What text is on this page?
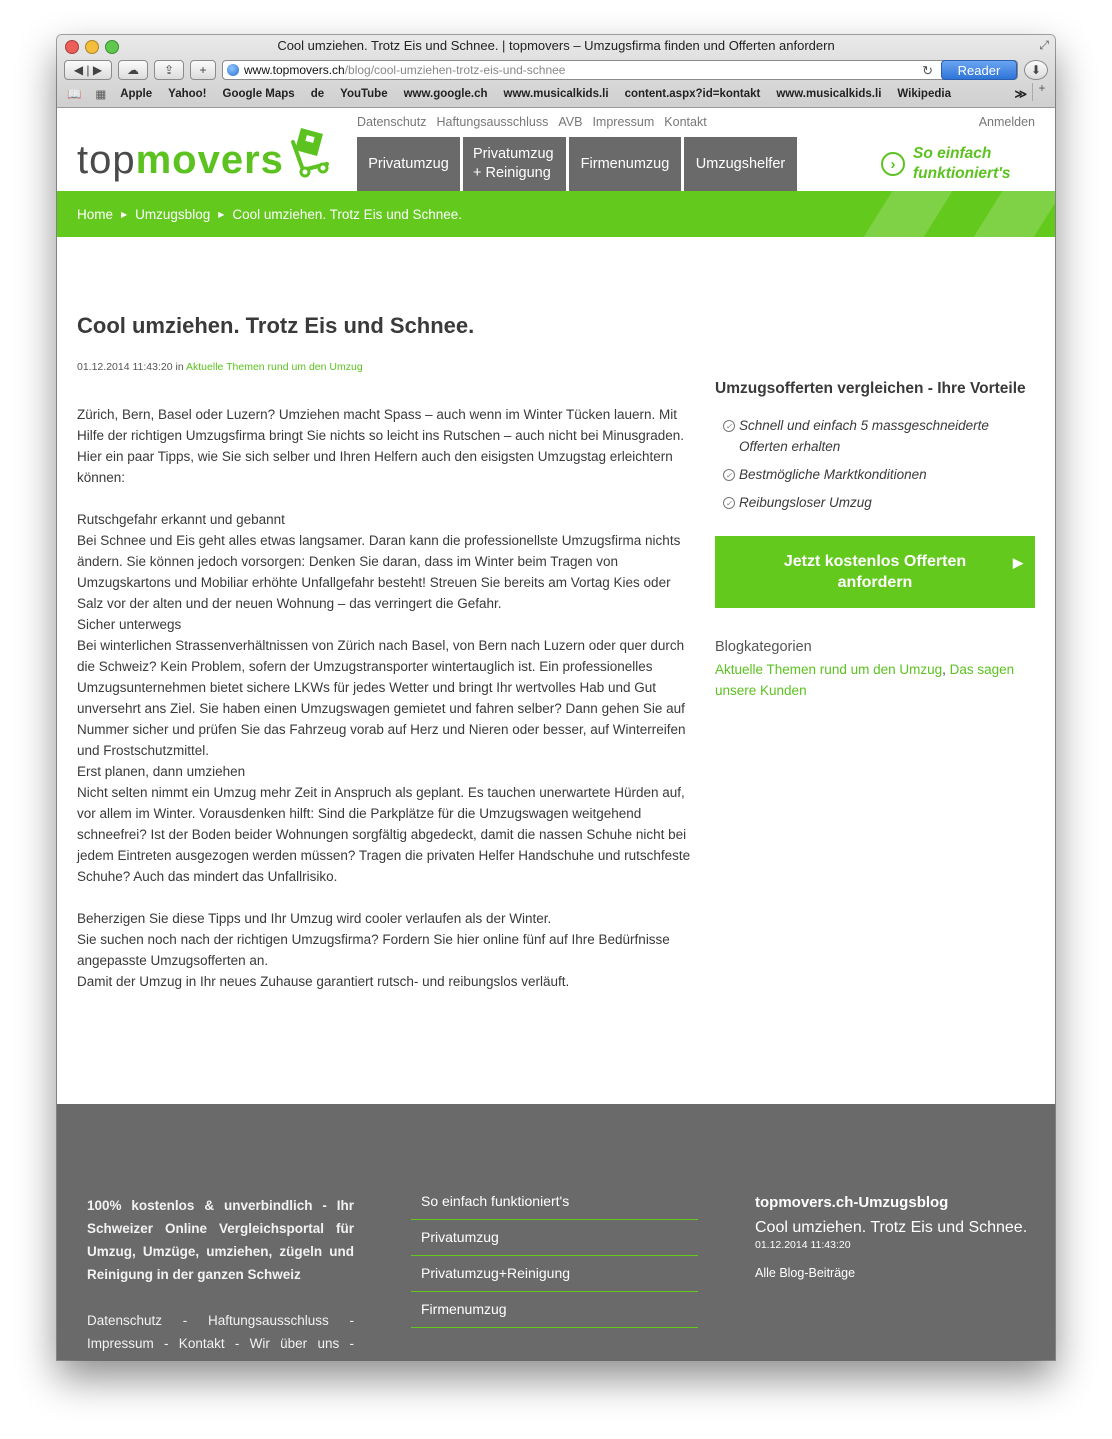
Cool umziehen. Trotz Eis und Schnee. | topmovers – Umzugsfirma finden und Offerten anfordern	⤢
◀ | ▶ ☁ ⇪ +	www.topmovers.ch /blog/cool-umziehen-trotz-eis-und-schnee	↻	Reader	⬇
📖 ▦ Apple Yahoo! Google Maps de YouTube www.google.ch www.musicalkids.li content.aspx?id=kontakt www.musicalkids.li Wikipedia	≫	+
topmovers
Datenschutz Haftungsausschluss AVB Impressum Kontakt	Anmelden
Privatumzug
Privatumzug
+ Reinigung
Firmenumzug	Umzugshelfer	›
So einfach
funktioniert's
Home ▶ Umzugsblog ▶ Cool umziehen. Trotz Eis und Schnee.
Cool umziehen. Trotz Eis und Schnee.
01.12.2014 11:43:20 in Aktuelle Themen rund um den Umzug

Zürich, Bern, Basel oder Luzern? Umziehen macht Spass – auch wenn im Winter Tücken lauern. Mit Hilfe der richtigen Umzugsfirma bringt Sie nichts so leicht ins Rutschen – auch nicht bei Minusgraden. Hier ein paar Tipps, wie Sie sich selber und Ihren Helfern auch den eisigsten Umzugstag erleichtern können:

Rutschgefahr erkannt und gebannt

Bei Schnee und Eis geht alles etwas langsamer. Daran kann die professionellste Umzugsfirma nichts ändern. Sie können jedoch vorsorgen: Denken Sie daran, dass im Winter beim Tragen von Umzugskartons und Mobiliar erhöhte Unfallgefahr besteht! Streuen Sie bereits am Vortag Kies oder Salz vor der alten und der neuen Wohnung – das verringert die Gefahr.

Sicher unterwegs

Bei winterlichen Strassenverhältnissen von Zürich nach Basel, von Bern nach Luzern oder quer durch die Schweiz? Kein Problem, sofern der Umzugstransporter wintertauglich ist. Ein professionelles Umzugsunternehmen bietet sichere LKWs für jedes Wetter und bringt Ihr wertvolles Hab und Gut unversehrt ans Ziel. Sie haben einen Umzugswagen gemietet und fahren selber? Dann gehen Sie auf Nummer sicher und prüfen Sie das Fahrzeug vorab auf Herz und Nieren oder besser, auf Winterreifen und Frostschutzmittel.

Erst planen, dann umziehen

Nicht selten nimmt ein Umzug mehr Zeit in Anspruch als geplant. Es tauchen unerwartete Hürden auf, vor allem im Winter. Vorausdenken hilft: Sind die Parkplätze für die Umzugswagen weitgehend schneefrei? Ist der Boden beider Wohnungen sorgfältig abgedeckt, damit die nassen Schuhe nicht bei jedem Eintreten ausgezogen werden müssen? Tragen die privaten Helfer Handschuhe und rutschfeste Schuhe? Auch das mindert das Unfallrisiko.

Beherzigen Sie diese Tipps und Ihr Umzug wird cooler verlaufen als der Winter.

Sie suchen noch nach der richtigen Umzugsfirma? Fordern Sie hier online fünf auf Ihre Bedürfnisse angepasste Umzugsofferten an.

Damit der Umzug in Ihr neues Zuhause garantiert rutsch- und reibungslos verläuft.

Umzugsofferten vergleichen - Ihre Vorteile
✓ Schnell und einfach 5 massgeschneiderte Offerten erhalten
✓ Bestmögliche Marktkonditionen
✓ Reibungsloser Umzug
Jetzt kostenlos Offerten anfordern
▶
Blogkategorien
Aktuelle Themen rund um den Umzug, Das sagen unsere Kunden
100% kostenlos & unverbindlich - Ihr Schweizer Online Vergleichsportal für Umzug, Umzüge, umziehen, zügeln und Reinigung in der ganzen Schweiz
Datenschutz - Haftungsausschluss - Impressum - Kontakt - Wir über uns -
So einfach funktioniert's
Privatumzug
Privatumzug+Reinigung
Firmenumzug
topmovers.ch-Umzugsblog
Cool umziehen. Trotz Eis und Schnee.
01.12.2014 11:43:20
Alle Blog-Beiträge
